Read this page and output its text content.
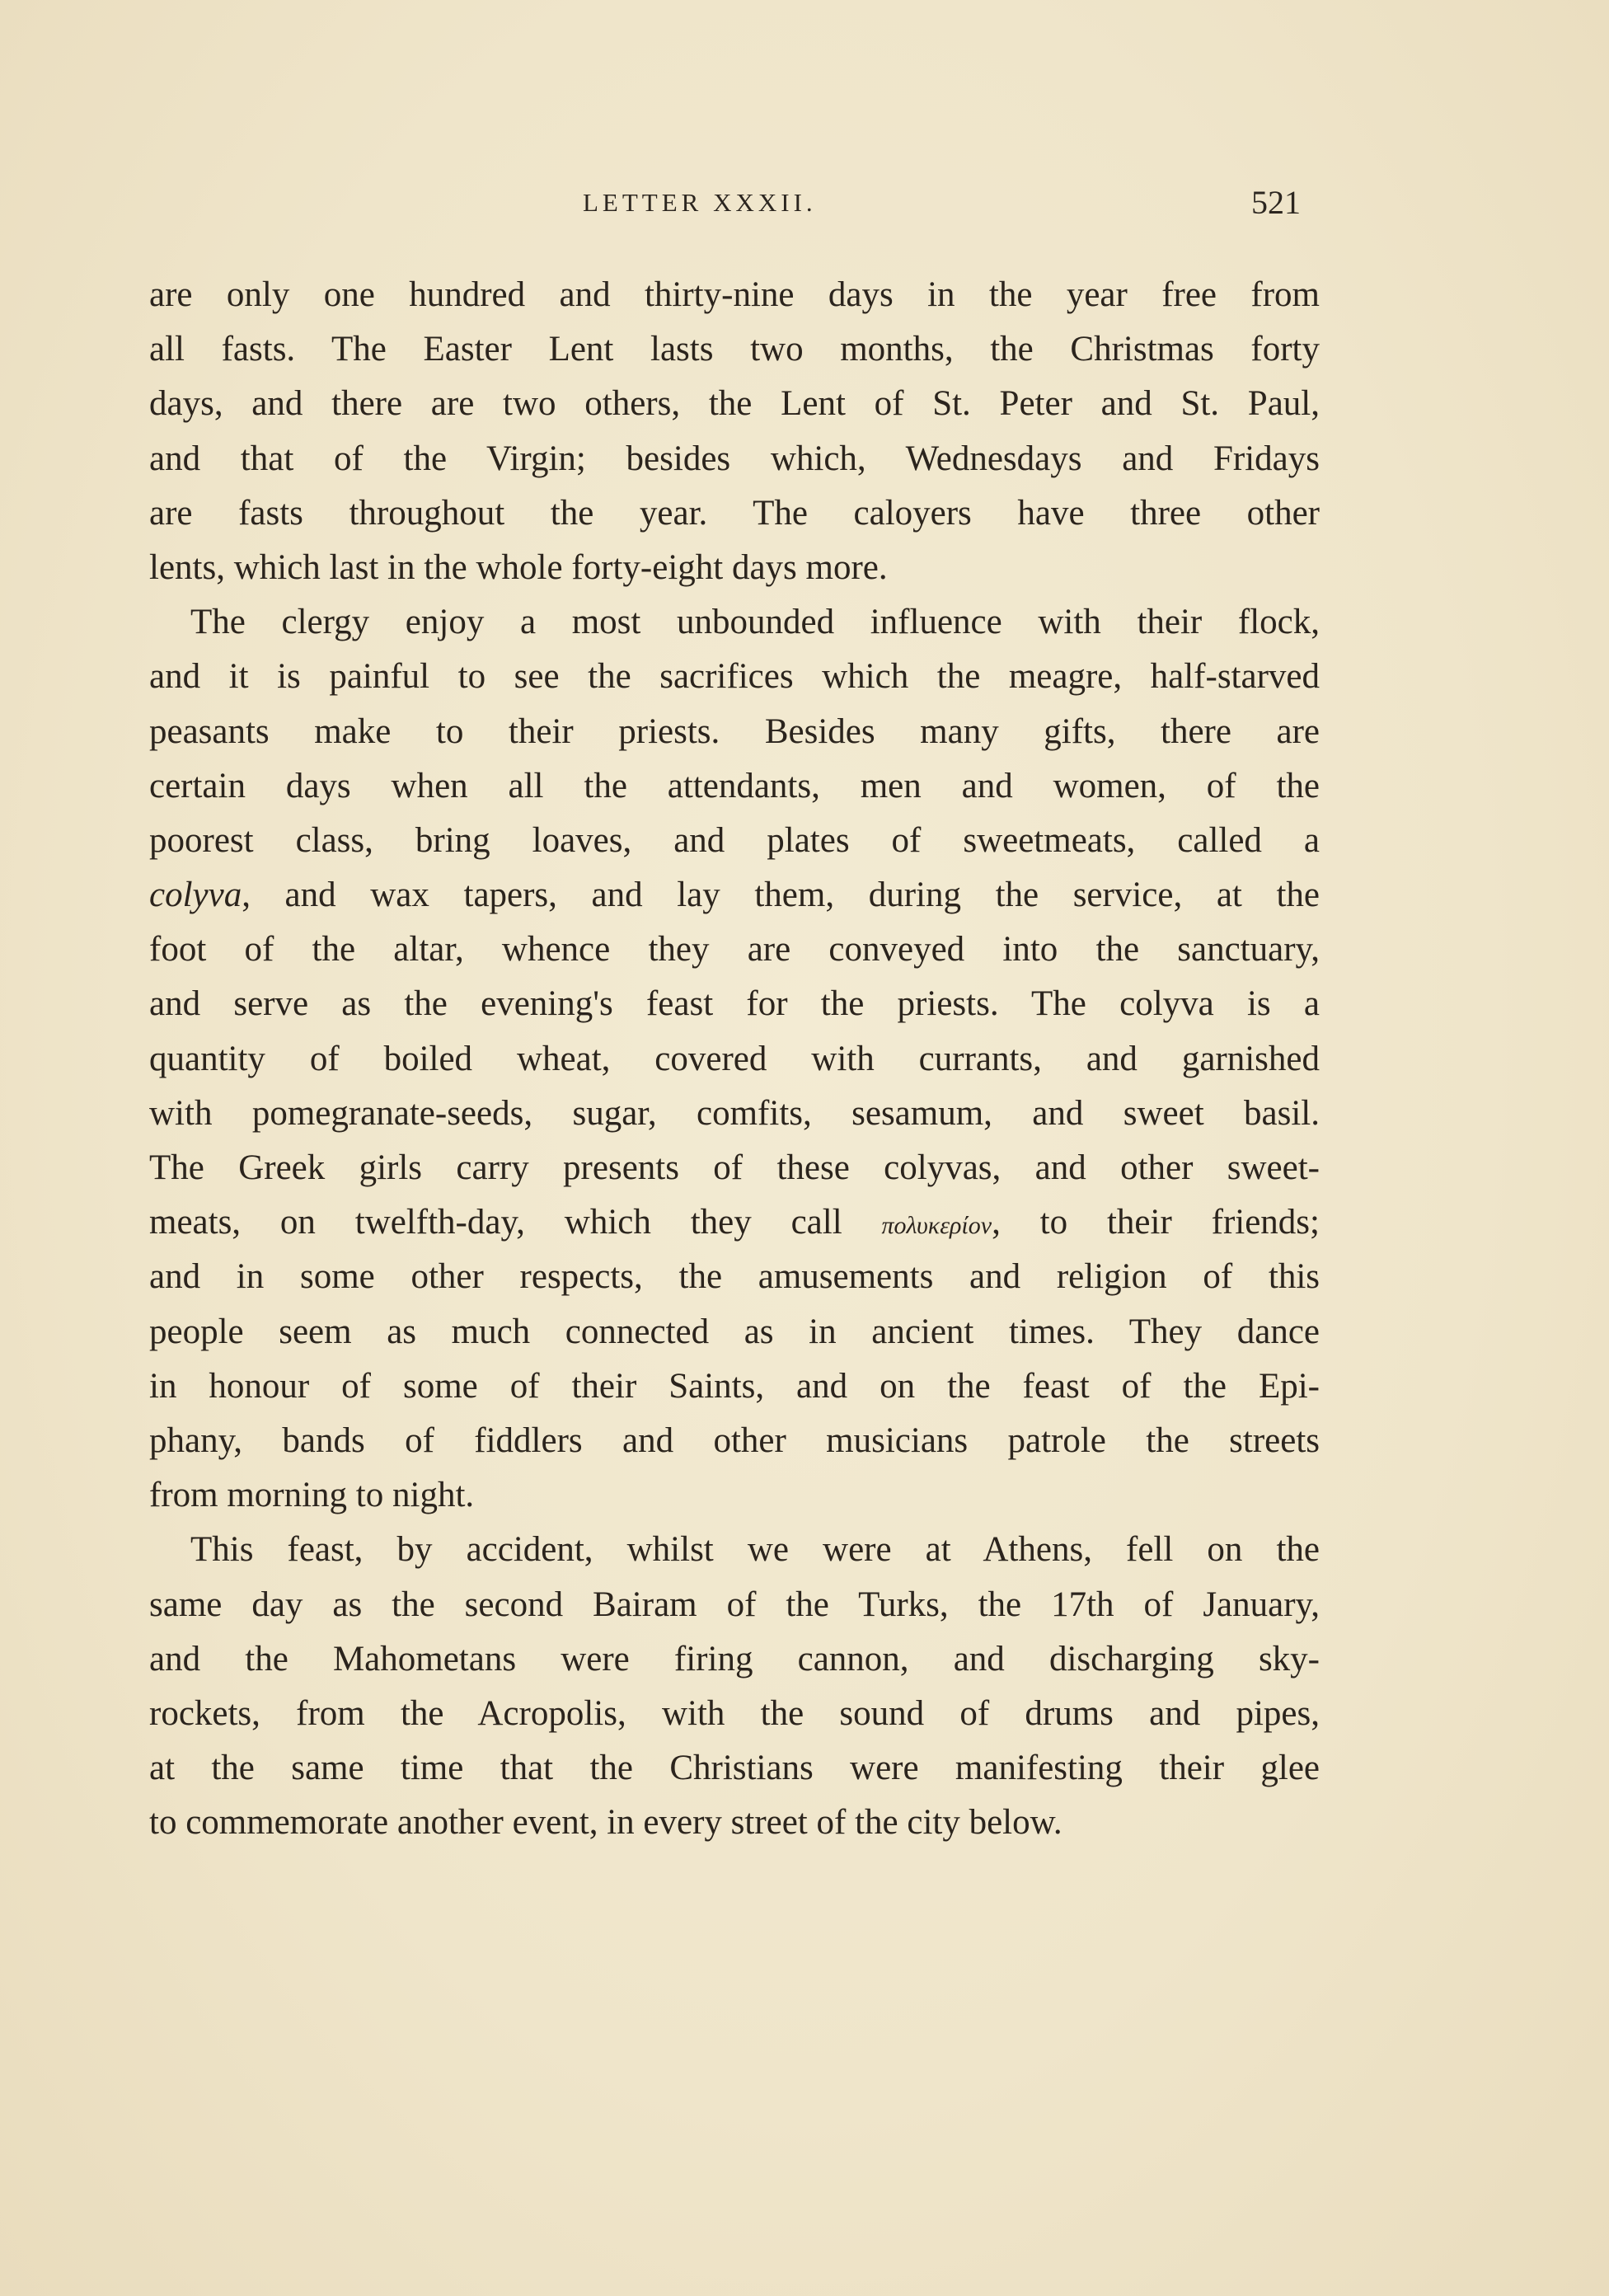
LETTER XXXII.	521
are only one hundred and thirty-nine days in the year free from
all fasts. The Easter Lent lasts two months, the Christmas forty
days, and there are two others, the Lent of St. Peter and St. Paul,
and that of the Virgin; besides which, Wednesdays and Fridays
are fasts throughout the year. The caloyers have three other
lents, which last in the whole forty-eight days more.
The clergy enjoy a most unbounded influence with their flock,
and it is painful to see the sacrifices which the meagre, half-starved
peasants make to their priests. Besides many gifts, there are
certain days when all the attendants, men and women, of the
poorest class, bring loaves, and plates of sweetmeats, called a
colyva, and wax tapers, and lay them, during the service, at the
foot of the altar, whence they are conveyed into the sanctuary,
and serve as the evening's feast for the priests. The colyva is a
quantity of boiled wheat, covered with currants, and garnished
with pomegranate-seeds, sugar, comfits, sesamum, and sweet basil.
The Greek girls carry presents of these colyvas, and other sweet-
meats, on twelfth-day, which they call πολυκερίον, to their friends;
and in some other respects, the amusements and religion of this
people seem as much connected as in ancient times. They dance
in honour of some of their Saints, and on the feast of the Epi-
phany, bands of fiddlers and other musicians patrole the streets
from morning to night.
This feast, by accident, whilst we were at Athens, fell on the
same day as the second Bairam of the Turks, the 17th of January,
and the Mahometans were firing cannon, and discharging sky-
rockets, from the Acropolis, with the sound of drums and pipes,
at the same time that the Christians were manifesting their glee
to commemorate another event, in every street of the city below.
